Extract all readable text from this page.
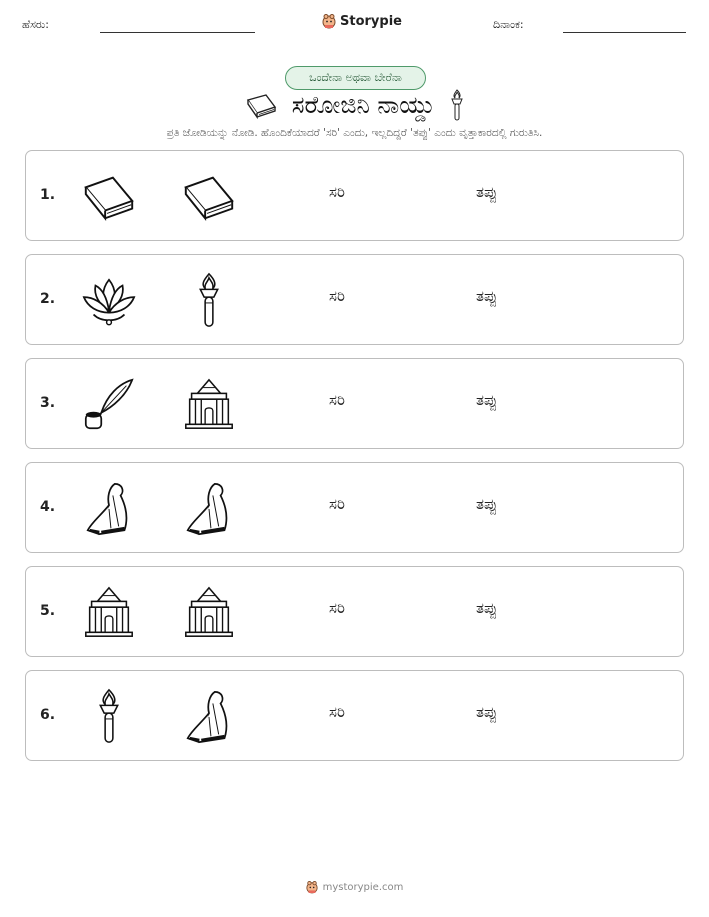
ಹೆಸರು:	Storypie	ದಿನಾಂಕ:
ಒಂದೇನಾ ಅಥವಾ ಬೇರೆನಾ
ಸರೋಜಿನಿ ನಾಯ್ಡು
ಪ್ರತಿ ಜೋಡಿಯನ್ನು ನೋಡಿ. ಹೊಂದಿಕೆಯಾದರೆ 'ಸರಿ' ಎಂದು, ಇಲ್ಲದಿದ್ದರೆ 'ತಪ್ಪು' ಎಂದು ವೃತ್ತಾಕಾರದಲ್ಲಿ ಗುರುತಿಸಿ.
1.	ಸರಿ	ತಪ್ಪು
2.	ಸರಿ	ತಪ್ಪು
3.	ಸರಿ	ತಪ್ಪು
4.	ಸರಿ	ತಪ್ಪು
5.	ಸರಿ	ತಪ್ಪು
6.	ಸರಿ	ತಪ್ಪು
mystorypie.com
